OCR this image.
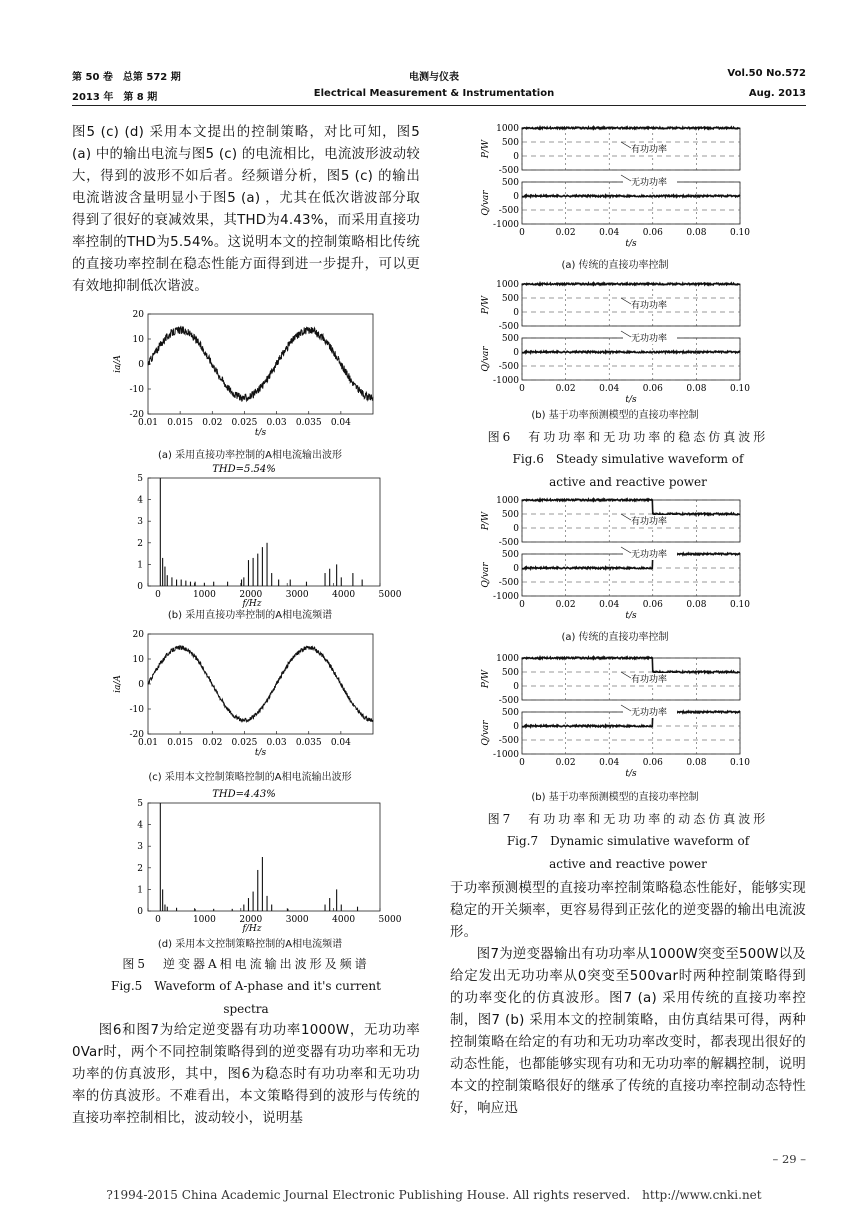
第 50 卷　总第 572 期
2013 年　第 8 期
电测与仪表
Electrical Measurement & Instrumentation
Vol.50 No.572
Aug. 2013

图5 (c) (d) 采用本文提出的控制策略，对比可知，图5 (a) 中的输出电流与图5 (c) 的电流相比，电流波形波动较大，得到的波形不如后者。经频谱分析，图5 (c) 的输出电流谐波含量明显小于图5 (a) ，尤其在低次谐波部分取得到了很好的衰减效果，其THD为4.43%，而采用直接功率控制的THD为5.54%。这说明本文的控制策略相比传统的直接功率控制在稳态性能方面得到进一步提升，可以更有效地抑制低次谐波。

20
10
0
-10
-20
0.01 0.015 0.02 0.025 0.03 0.035 0.04
t/s
ia/A
(a) 采用直接功率控制的A相电流输出波形
THD=5.54%
5
4
3
2
1
0
0	1000	2000	3000	4000	5000
f/Hz
(b) 采用直接功率控制的A相电流频谱
20
10
0
-10
-20
0.01 0.015 0.02 0.025 0.03 0.035 0.04
t/s
ia/A
(c) 采用本文控制策略控制的A相电流输出波形
THD=4.43%
5
4
3
2
1
0
0	1000	2000	3000	4000	5000
f/Hz
(d) 采用本文控制策略控制的A相电流频谱
图5　逆变器A相电流输出波形及频谱
Fig.5　Waveform of A-phase and it's current
spectra

图6和图7为给定逆变器有功功率1000W，无功功率0Var时，两个不同控制策略得到的逆变器有功功率和无功功率的仿真波形，其中，图6为稳态时有功功率和无功功率的仿真波形。不难看出，本文策略得到的波形与传统的直接功率控制相比，波动较小，说明基

1000
500
0
-500
P/W	有功功率
500
0
-500
-1000
Q/var
无功功率
0	0.02	0.04	0.06	0.08	0.10
t/s
(a) 传统的直接功率控制
1000
500
0
-500
P/W	有功功率
500
0
-500
-1000
Q/var
无功功率
0	0.02	0.04	0.06	0.08	0.10
t/s
(b) 基于功率预测模型的直接功率控制
图6　有功功率和无功功率的稳态仿真波形
Fig.6　Steady simulative waveform of
active and reactive power
1000
500
0
-500
P/W	有功功率
500
0
-500
-1000
Q/var
无功功率
0	0.02	0.04	0.06	0.08	0.10
t/s
(a) 传统的直接功率控制
1000
500
0
-500
P/W	有功功率
500
0
-500
-1000
Q/var
无功功率
0	0.02	0.04	0.06	0.08	0.10
t/s
(b) 基于功率预测模型的直接功率控制
图7　有功功率和无功功率的动态仿真波形
Fig.7　Dynamic simulative waveform of
active and reactive power

于功率预测模型的直接功率控制策略稳态性能好，能够实现稳定的开关频率，更容易得到正弦化的逆变器的输出电流波形。

图7为逆变器输出有功功率从1000W突变至500W以及给定发出无功功率从0突变至500var时两种控制策略得到的功率变化的仿真波形。图7 (a) 采用传统的直接功率控制，图7 (b) 采用本文的控制策略，由仿真结果可得，两种控制策略在给定的有功和无功功率改变时，都表现出很好的动态性能，也都能够实现有功和无功功率的解耦控制，说明本文的控制策略很好的继承了传统的直接功率控制动态特性好，响应迅

– 29 –
?1994-2015 China Academic Journal Electronic Publishing House. All rights reserved.　http://www.cnki.net
